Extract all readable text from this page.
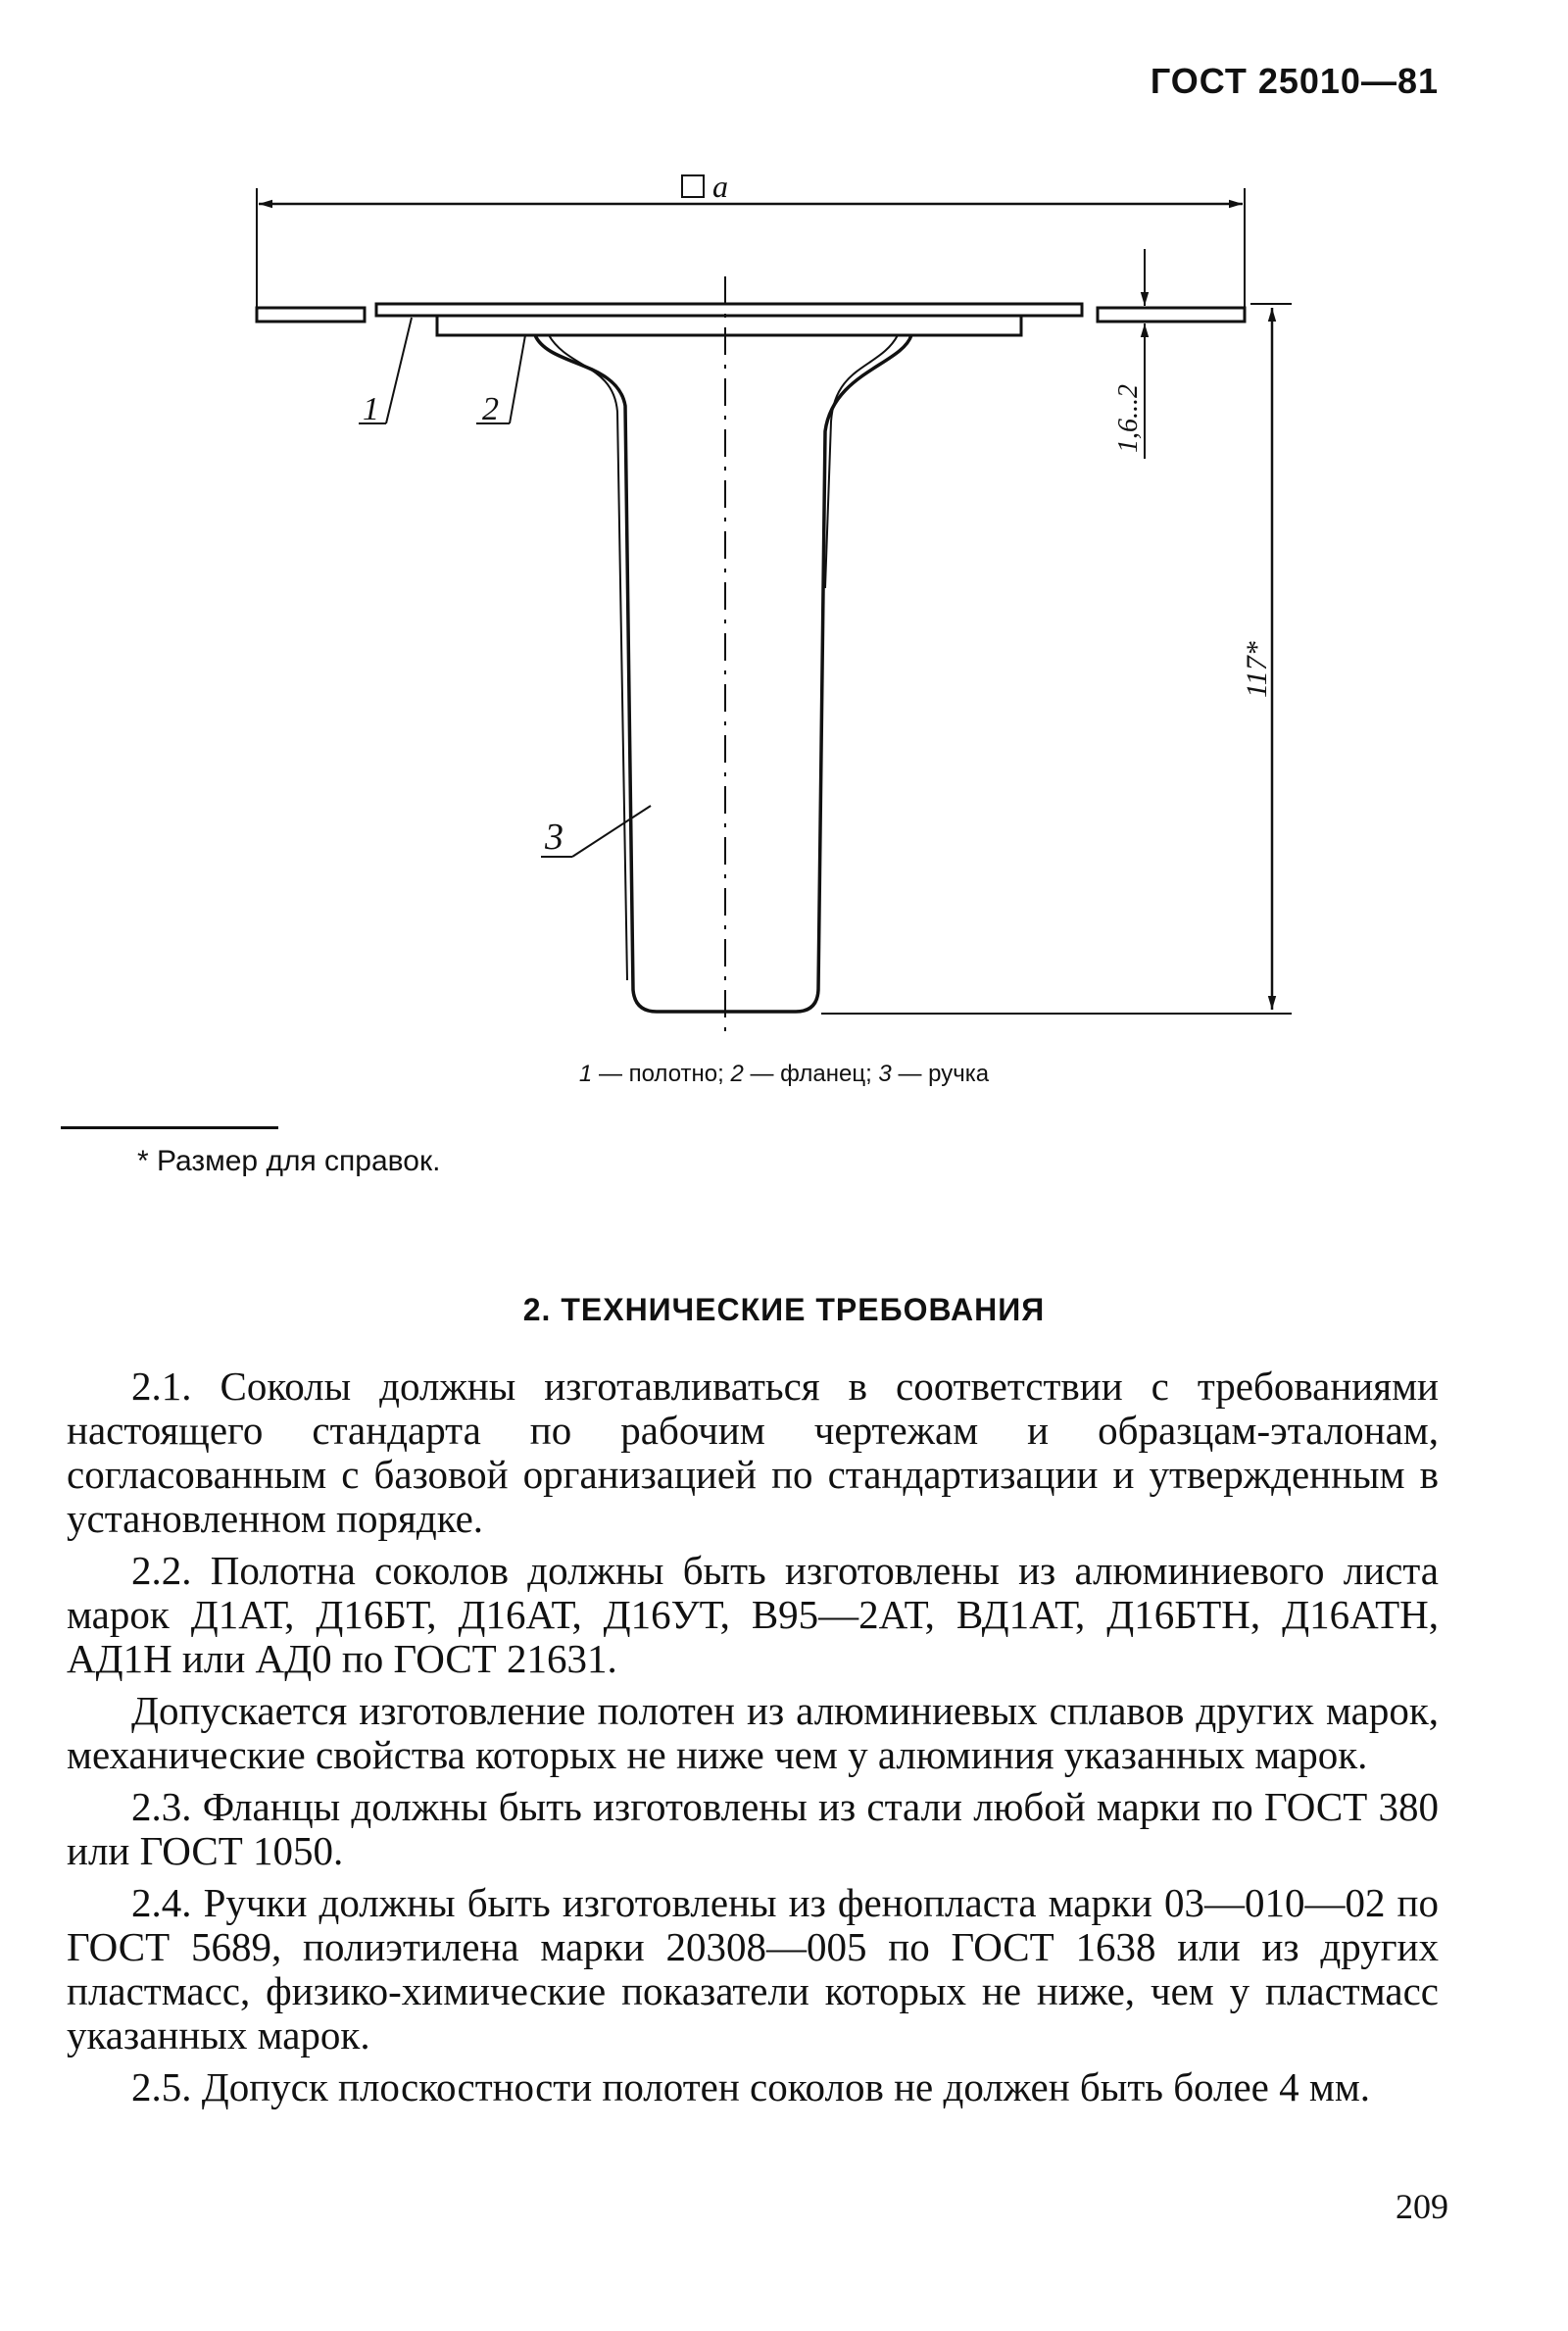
ГОСТ 25010—81
a
1,6...2
117*
1	2
3
1 — полотно; 2 — фланец; 3 — ручка
* Размер для справок.
2. ТЕХНИЧЕСКИЕ ТРЕБОВАНИЯ

2.1. Соколы должны изготавливаться в соответствии с требованиями настоящего стандарта по рабочим чертежам и образцам-эталонам, согласованным с базовой организацией по стандартизации и утвержденным в установленном порядке.

2.2. Полотна соколов должны быть изготовлены из алюминиевого листа марок Д1АТ, Д16БТ, Д16АТ, Д16УТ, В95—2АТ, ВД1АТ, Д16БТН, Д16АТН, АД1Н или АД0 по ГОСТ 21631.

Допускается изготовление полотен из алюминиевых сплавов других марок, механические свойства которых не ниже чем у алюминия указанных марок.

2.3. Фланцы должны быть изготовлены из стали любой марки по ГОСТ 380 или ГОСТ 1050.

2.4. Ручки должны быть изготовлены из фенопласта марки 03—010—02 по ГОСТ 5689, полиэтилена марки 20308—005 по ГОСТ 1638 или из других пластмасс, физико-химические показатели которых не ниже, чем у пластмасс указанных марок.

2.5. Допуск плоскостности полотен соколов не должен быть более 4 мм.

209
